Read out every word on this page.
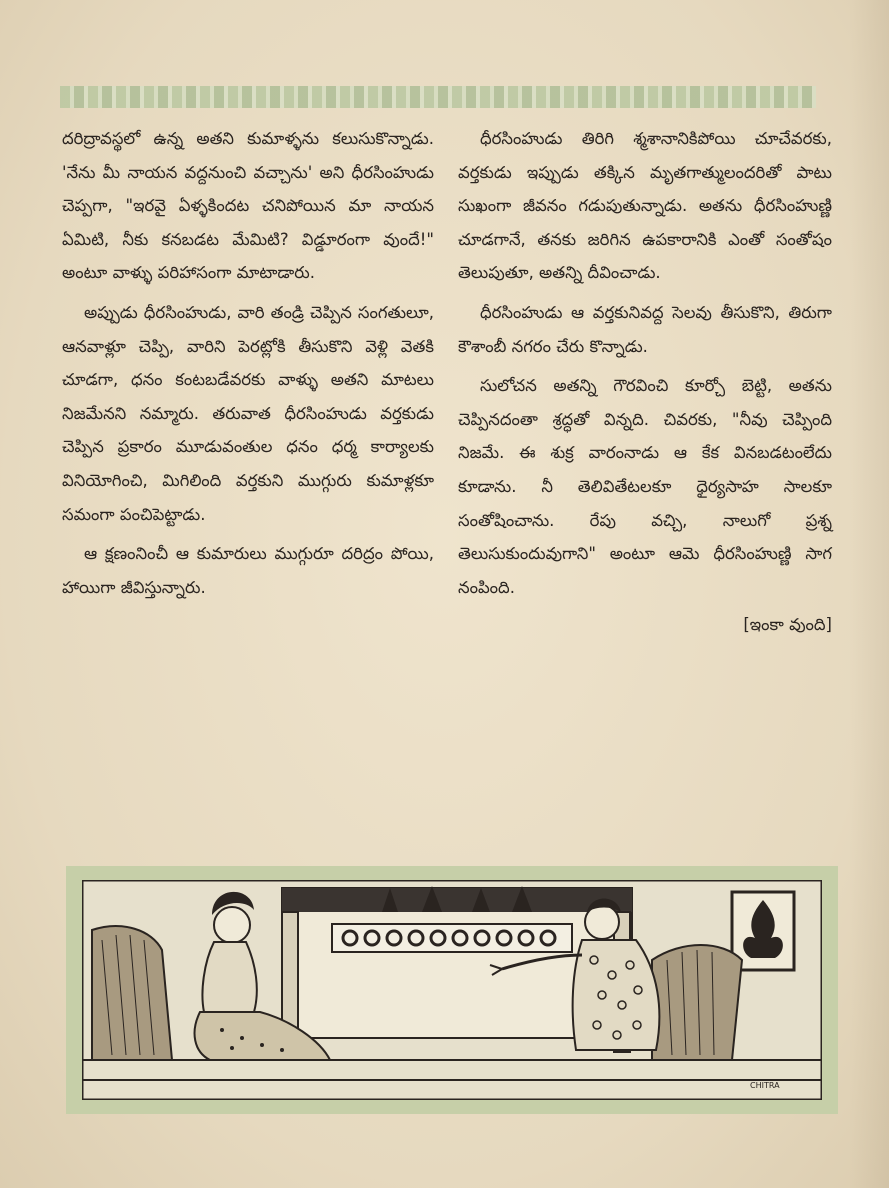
దరిద్రావస్థలో ఉన్న అతని కుమాళ్ళను కలుసుకొన్నాడు. 'నేను మీ నాయన వద్దనుంచి వచ్చాను' అని ధీరసింహుడు చెప్పగా, "ఇరవై ఏళ్ళకిందట చనిపోయిన మా నాయన ఏమిటి, నీకు కనబడట మేమిటి? విడ్డూరంగా వుందే!" అంటూ వాళ్ళు పరిహాసంగా మాటాడారు.

అప్పుడు ధీరసింహుడు, వారి తండ్రి చెప్పిన సంగతులూ, ఆనవాళ్లూ చెప్పి, వారిని పెరట్లోకి తీసుకొని వెళ్లి వెతకి చూడగా, ధనం కంటబడేవరకు వాళ్ళు అతని మాటలు నిజమేనని నమ్మారు. తరువాత ధీరసింహుడు వర్తకుడు చెప్పిన ప్రకారం మూడువంతుల ధనం ధర్మ కార్యాలకు వినియోగించి, మిగిలింది వర్తకుని ముగ్గురు కుమాళ్లకూ సమంగా పంచిపెట్టాడు.

ఆ క్షణంనించీ ఆ కుమారులు ముగ్గురూ దరిద్రం పోయి, హాయిగా జీవిస్తున్నారు.

ధీరసింహుడు తిరిగి శ్మశానానికిపోయి చూచేవరకు, వర్తకుడు ఇప్పుడు తక్కిన మృతగాత్ములందరితో పాటు సుఖంగా జీవనం గడుపుతున్నాడు. అతను ధీరసింహుణ్ణి చూడగానే, తనకు జరిగిన ఉపకారానికి ఎంతో సంతోషం తెలుపుతూ, అతన్ని దీవించాడు.

ధీరసింహుడు ఆ వర్తకునివద్ద సెలవు తీసుకొని, తిరుగా కౌశాంబీ నగరం చేరు కొన్నాడు.

సులోచన అతన్ని గౌరవించి కూర్చో బెట్టి, అతను చెప్పినదంతా శ్రద్ధతో విన్నది. చివరకు, "నీవు చెప్పింది నిజమే. ఈ శుక్ర వారంనాడు ఆ కేక వినబడటంలేదు కూడాను. నీ తెలివితేటలకూ ధైర్యసాహ సాలకూ సంతోషించాను. రేపు వచ్చి, నాలుగో ప్రశ్న తెలుసుకుందువుగాని" అంటూ ఆమె ధీరసింహుణ్ణి సాగ నంపింది.

[ఇంకా వుంది]
CHITRA
